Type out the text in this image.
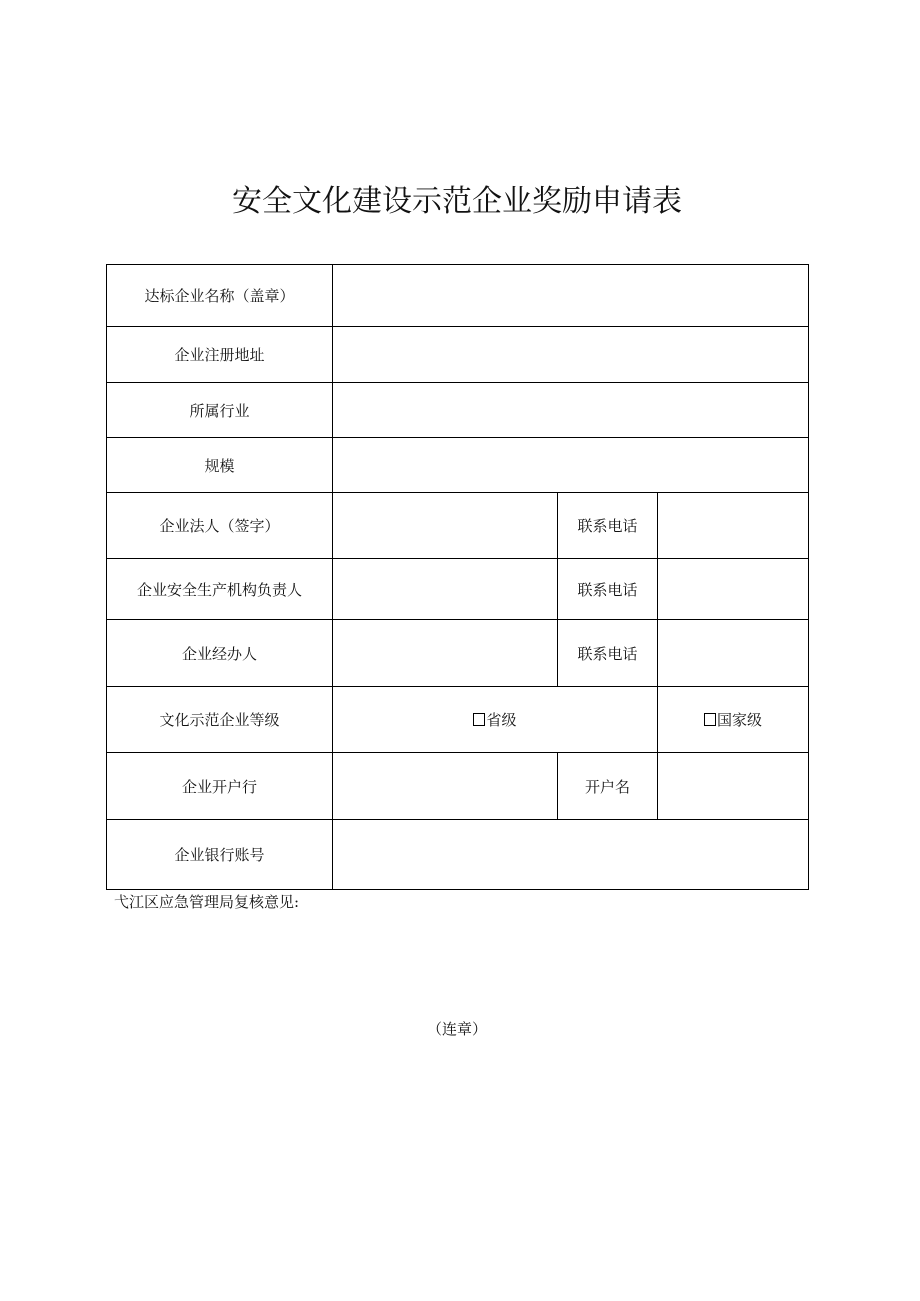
安全文化建设示范企业奖励申请表
达标企业名称（盖章）			
企业注册地址			
所属行业			
规模			
企业法人（签字）		联系电话	
企业安全生产机构负责人		联系电话	
企业经办人		联系电话	
文化示范企业等级	省级		国家级
企业开户行		开户名	
企业银行账号			
弋江区应急管理局复核意见:
（连章）
